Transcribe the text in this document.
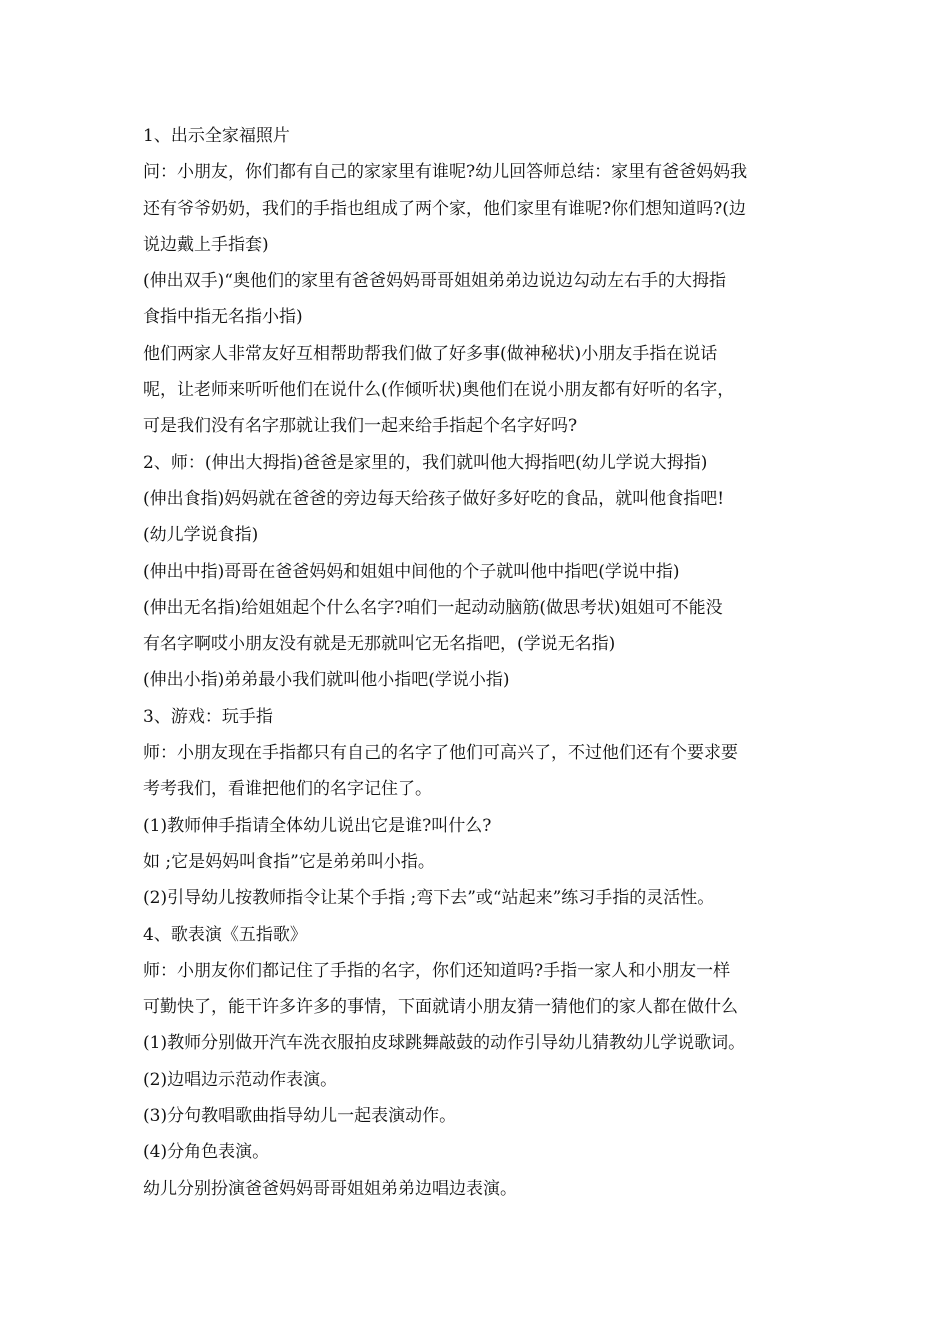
1、出示全家福照片
问：小朋友，你们都有自己的家家里有谁呢?幼儿回答师总结：家里有爸爸妈妈我
还有爷爷奶奶，我们的手指也组成了两个家，他们家里有谁呢?你们想知道吗?(边
说边戴上手指套)
(伸出双手)“奥他们的家里有爸爸妈妈哥哥姐姐弟弟边说边勾动左右手的大拇指
食指中指无名指小指)
他们两家人非常友好互相帮助帮我们做了好多事(做神秘状)小朋友手指在说话
呢，让老师来听听他们在说什么(作倾听状)奥他们在说小朋友都有好听的名字，
可是我们没有名字那就让我们一起来给手指起个名字好吗?
2、师：(伸出大拇指)爸爸是家里的，我们就叫他大拇指吧(幼儿学说大拇指)
(伸出食指)妈妈就在爸爸的旁边每天给孩子做好多好吃的食品，就叫他食指吧!
(幼儿学说食指)
(伸出中指)哥哥在爸爸妈妈和姐姐中间他的个子就叫他中指吧(学说中指)
(伸出无名指)给姐姐起个什么名字?咱们一起动动脑筋(做思考状)姐姐可不能没
有名字啊哎小朋友没有就是无那就叫它无名指吧，(学说无名指)
(伸出小指)弟弟最小我们就叫他小指吧(学说小指)
3、游戏：玩手指
师：小朋友现在手指都只有自己的名字了他们可高兴了，不过他们还有个要求要
考考我们，看谁把他们的名字记住了。
(1)教师伸手指请全体幼儿说出它是谁?叫什么?
如 ;它是妈妈叫食指”它是弟弟叫小指。
(2)引导幼儿按教师指令让某个手指 ;弯下去”或“站起来”练习手指的灵活性。
4、歌表演《五指歌》
师：小朋友你们都记住了手指的名字，你们还知道吗?手指一家人和小朋友一样
可勤快了，能干许多许多的事情，下面就请小朋友猜一猜他们的家人都在做什么
(1)教师分别做开汽车洗衣服拍皮球跳舞敲鼓的动作引导幼儿猜教幼儿学说歌词。
(2)边唱边示范动作表演。
(3)分句教唱歌曲指导幼儿一起表演动作。
(4)分角色表演。
幼儿分别扮演爸爸妈妈哥哥姐姐弟弟边唱边表演。
